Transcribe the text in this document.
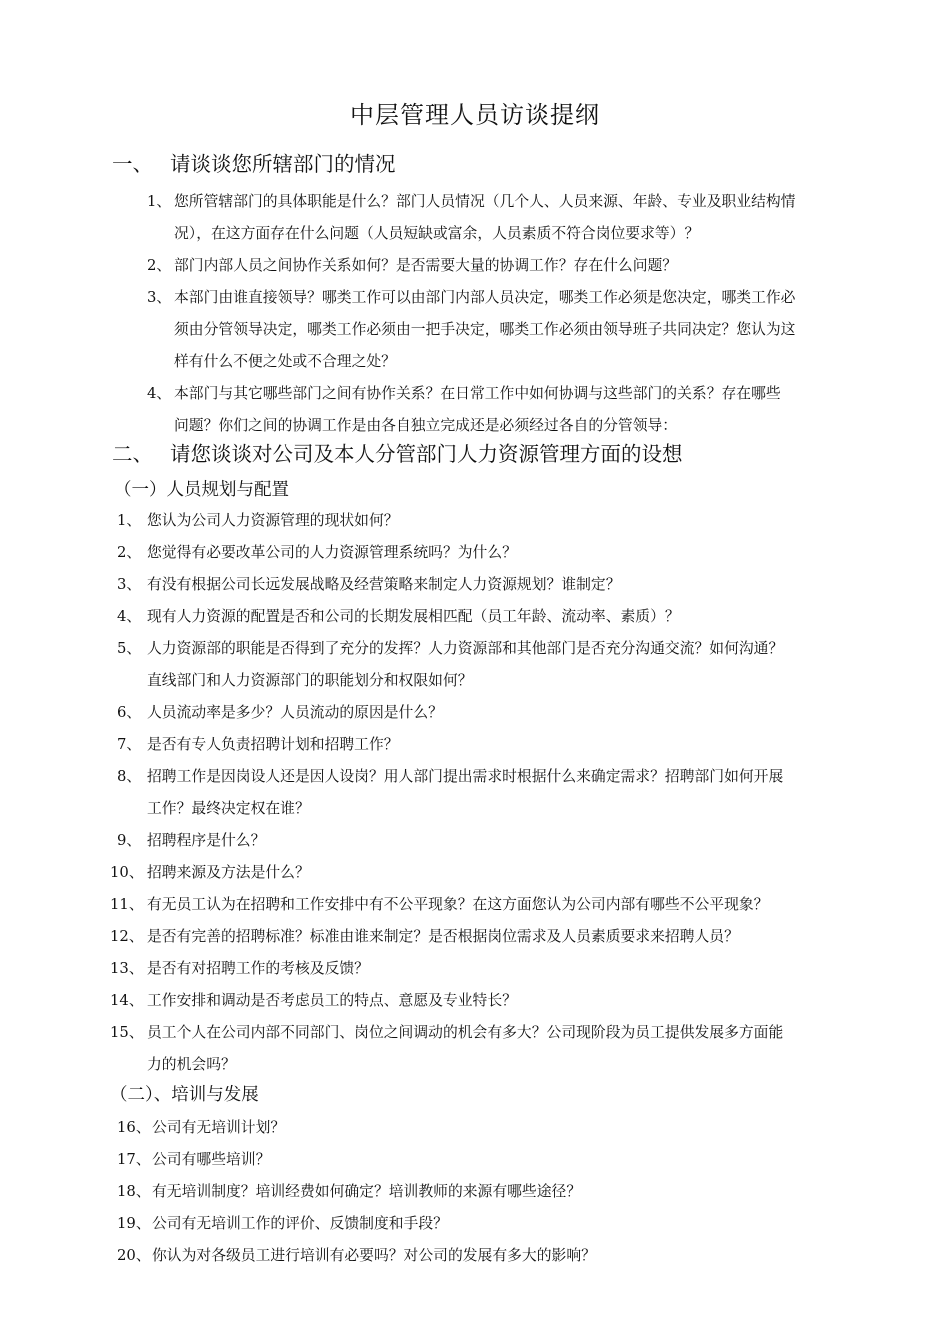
中层管理人员访谈提纲
一、 请谈谈您所辖部门的情况
1、 您所管辖部门的具体职能是什么？部门人员情况（几个人、人员来源、年龄、专业及职业结构情
况），在这方面存在什么问题（人员短缺或富余，人员素质不符合岗位要求等）？
2、 部门内部人员之间协作关系如何？是否需要大量的协调工作？存在什么问题？
3、 本部门由谁直接领导？哪类工作可以由部门内部人员决定，哪类工作必须是您决定，哪类工作必
须由分管领导决定，哪类工作必须由一把手决定，哪类工作必须由领导班子共同决定？您认为这
样有什么不便之处或不合理之处？
4、 本部门与其它哪些部门之间有协作关系？在日常工作中如何协调与这些部门的关系？存在哪些
问题？你们之间的协调工作是由各自独立完成还是必须经过各自的分管领导：
二、 请您谈谈对公司及本人分管部门人力资源管理方面的设想
（一）人员规划与配置
1、 您认为公司人力资源管理的现状如何？
2、 您觉得有必要改革公司的人力资源管理系统吗？为什么？
3、 有没有根据公司长远发展战略及经营策略来制定人力资源规划？谁制定？
4、 现有人力资源的配置是否和公司的长期发展相匹配（员工年龄、流动率、素质）？
5、 人力资源部的职能是否得到了充分的发挥？人力资源部和其他部门是否充分沟通交流？如何沟通？
直线部门和人力资源部门的职能划分和权限如何？
6、 人员流动率是多少？人员流动的原因是什么？
7、 是否有专人负责招聘计划和招聘工作？
8、 招聘工作是因岗设人还是因人设岗？用人部门提出需求时根据什么来确定需求？招聘部门如何开展
工作？最终决定权在谁？
9、 招聘程序是什么？
10、 招聘来源及方法是什么？
11、 有无员工认为在招聘和工作安排中有不公平现象？在这方面您认为公司内部有哪些不公平现象？
12、 是否有完善的招聘标准？标准由谁来制定？是否根据岗位需求及人员素质要求来招聘人员？
13、 是否有对招聘工作的考核及反馈？
14、 工作安排和调动是否考虑员工的特点、意愿及专业特长？
15、 员工个人在公司内部不同部门、岗位之间调动的机会有多大？公司现阶段为员工提供发展多方面能
力的机会吗？
（二）、培训与发展
16、 公司有无培训计划？
17、 公司有哪些培训？
18、 有无培训制度？培训经费如何确定？培训教师的来源有哪些途径？
19、 公司有无培训工作的评价、反馈制度和手段？
20、 你认为对各级员工进行培训有必要吗？对公司的发展有多大的影响？
